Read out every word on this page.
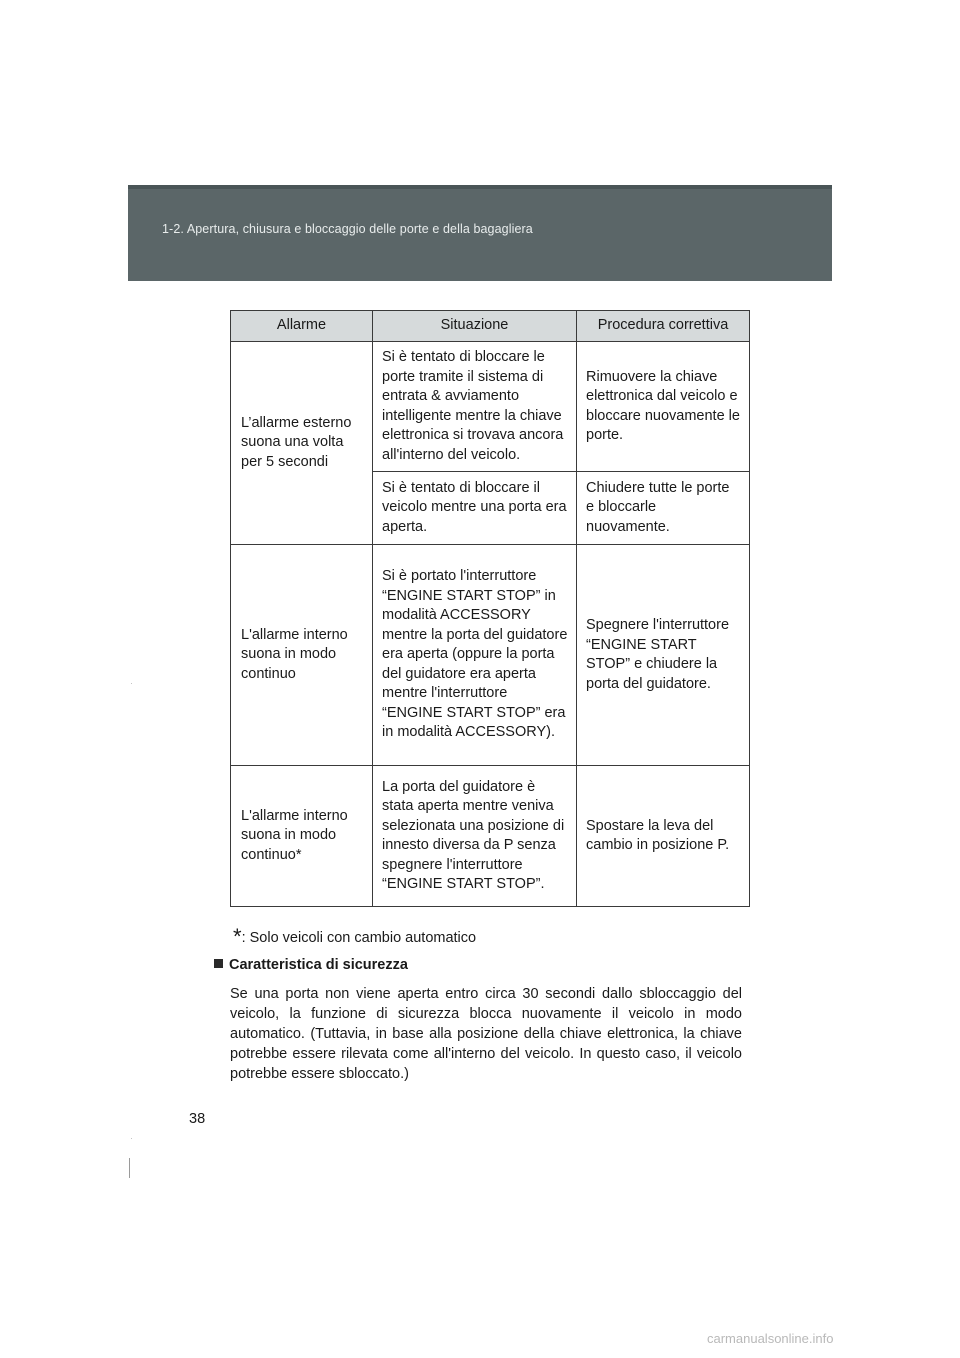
1-2. Apertura, chiusura e bloccaggio delle porte e della bagagliera
Allarme	Situazione	Procedura correttiva
L’allarme esterno suona una volta per 5 secondi	Si è tentato di bloccare le porte tramite il sistema di entrata & avviamento intelligente mentre la chiave elettronica si trovava ancora all'interno del veicolo.	Rimuovere la chiave elettronica dal veicolo e bloccare nuovamente le porte.
	Si è tentato di bloccare il veicolo mentre una porta era aperta.	Chiudere tutte le porte e bloccarle nuovamente.
L'allarme interno suona in modo continuo	Si è portato l'interruttore “ENGINE START STOP” in modalità ACCESSORY mentre la porta del guidatore era aperta (oppure la porta del guidatore era aperta mentre l'interruttore “ENGINE START STOP” era in modalità ACCESSORY).	Spegnere l'interruttore “ENGINE START STOP” e chiudere la porta del guidatore.
L'allarme interno suona in modo continuo*	La porta del guidatore è stata aperta mentre veniva selezionata una posizione di innesto diversa da P senza spegnere l'interruttore “ENGINE START STOP”.	Spostare la leva del cambio in posizione P.
*: Solo veicoli con cambio automatico
Caratteristica di sicurezza
Se una porta non viene aperta entro circa 30 secondi dallo sbloccaggio del veicolo, la funzione di sicurezza blocca nuovamente il veicolo in modo automatico. (Tuttavia, in base alla posizione della chiave elettronica, la chiave potrebbe essere rilevata come all'interno del veicolo. In questo caso, il veicolo potrebbe essere sbloccato.)
38
carmanualsonline.info
